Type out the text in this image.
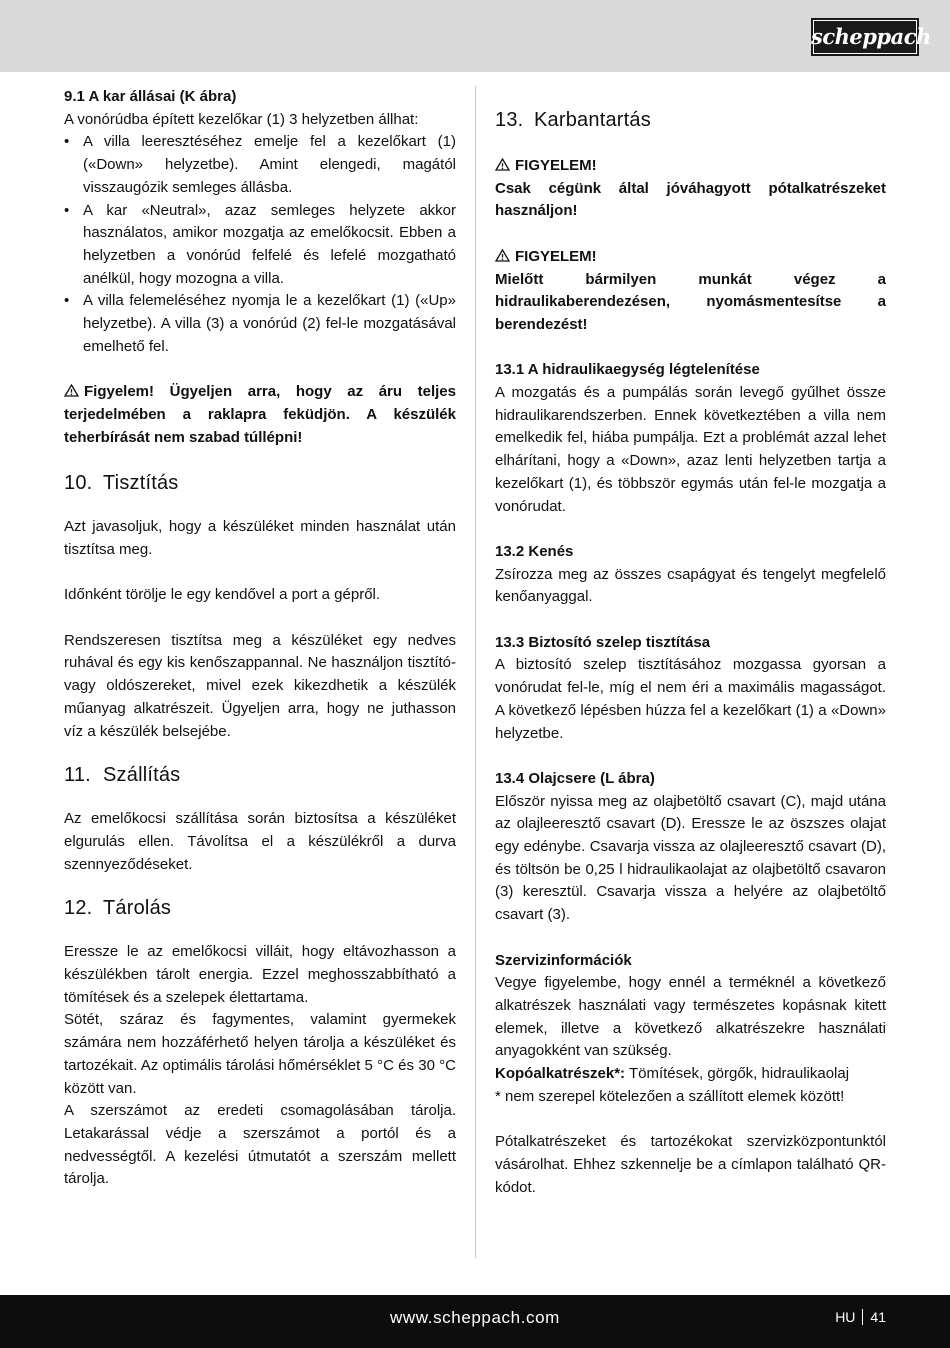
scheppach

9.1 A kar állásai (K ábra)

A vonórúdba épített kezelőkar (1) 3 helyzetben állhat:

• A villa leeresztéséhez emelje fel a kezelőkart (1) («Down» helyzetbe). Amint elengedi, magától visszaugózik semleges állásba.
• A kar «Neutral», azaz semleges helyzete akkor használatos, amikor mozgatja az emelőkocsit. Ebben a helyzetben a vonórúd felfelé és lefelé mozgatható anélkül, hogy mozogna a villa.
• A villa felemeléséhez nyomja le a kezelőkart (1) («Up» helyzetbe). A villa (3) a vonórúd (2) fel-le mozgatásával emelhető fel.

Figyelem! Ügyeljen arra, hogy az áru teljes terjedelmében a raklapra feküdjön. A készülék teherbírását nem szabad túllépni!

10. Tisztítás

Azt javasoljuk, hogy a készüléket minden használat után tisztítsa meg.

Időnként törölje le egy kendővel a port a gépről.

Rendszeresen tisztítsa meg a készüléket egy nedves ruhával és egy kis kenőszappannal. Ne használjon tisztító- vagy oldószereket, mivel ezek kikezdhetik a készülék műanyag alkatrészeit. Ügyeljen arra, hogy ne juthasson víz a készülék belsejébe.

11. Szállítás

Az emelőkocsi szállítása során biztosítsa a készüléket elgurulás ellen. Távolítsa el a készülékről a durva szennyeződéseket.

12. Tárolás

Eressze le az emelőkocsi villáit, hogy eltávozhasson a készülékben tárolt energia. Ezzel meghosszabbítható a tömítések és a szelepek élettartama.

Sötét, száraz és fagymentes, valamint gyermekek számára nem hozzáférhető helyen tárolja a készüléket és tartozékait. Az optimális tárolási hőmérséklet 5 °C és 30 °C között van.

A szerszámot az eredeti csomagolásában tárolja. Letakarással védje a szerszámot a portól és a nedvességtől. A kezelési útmutatót a szerszám mellett tárolja.

13. Karbantartás

FIGYELEM!

Csak cégünk által jóváhagyott pótalkatrészeket használjon!

FIGYELEM!

Mielőtt bármilyen munkát végez a hidraulikaberendezésen, nyomásmentesítse a berendezést!

13.1 A hidraulikaegység légtelenítése

A mozgatás és a pumpálás során levegő gyűlhet össze hidraulikarendszerben. Ennek következtében a villa nem emelkedik fel, hiába pumpálja. Ezt a problémát azzal lehet elhárítani, hogy a «Down», azaz lenti helyzetben tartja a kezelőkart (1), és többször egymás után fel-le mozgatja a vonórudat.

13.2 Kenés

Zsírozza meg az összes csapágyat és tengelyt megfelelő kenőanyaggal.

13.3 Biztosító szelep tisztítása

A biztosító szelep tisztításához mozgassa gyorsan a vonórudat fel-le, míg el nem éri a maximális magasságot. A következő lépésben húzza fel a kezelőkart (1) a «Down» helyzetbe.

13.4 Olajcsere (L ábra)

Először nyissa meg az olajbetöltő csavart (C), majd utána az olajleeresztő csavart (D). Eressze le az öszszes olajat egy edénybe. Csavarja vissza az olajleeresztő csavart (D), és töltsön be 0,25 l hidraulikaolajat az olajbetöltő csavaron (3) keresztül. Csavarja vissza a helyére az olajbetöltő csavart (3).

Szervizinformációk

Vegye figyelembe, hogy ennél a terméknél a következő alkatrészek használati vagy természetes kopásnak kitett elemek, illetve a következő alkatrészekre használati anyagokként van szükség.

Kopóalkatrészek*: Tömítések, görgők, hidraulikaolaj

* nem szerepel kötelezően a szállított elemek között!

Pótalkatrészeket és tartozékokat szervizközpontunktól vásárolhat. Ehhez szkennelje be a címlapon található QR-kódot.

www.scheppach.com	HU 41
